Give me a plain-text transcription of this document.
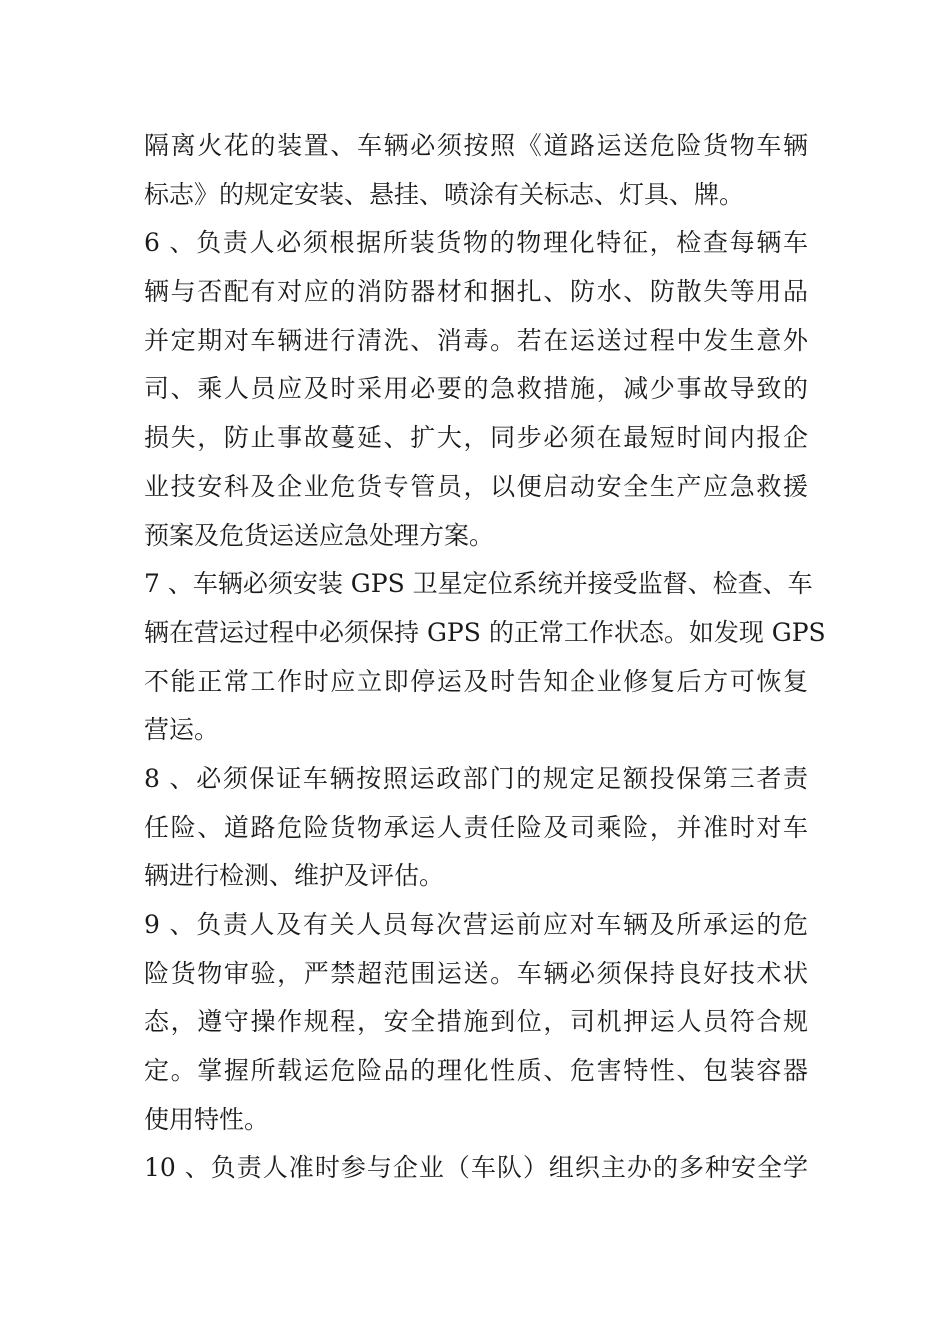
隔离火花的装置、车辆必须按照《道路运送危险货物车辆
标志》的规定安装、悬挂、喷涂有关标志、灯具、牌。
6 、负责人必须根据所装货物的物理化特征，检查每辆车
辆与否配有对应的消防器材和捆扎、防水、防散失等用品
并定期对车辆进行清洗、消毒。若在运送过程中发生意外
司、乘人员应及时采用必要的急救措施，减少事故导致的
损失，防止事故蔓延、扩大，同步必须在最短时间内报企
业技安科及企业危货专管员，以便启动安全生产应急救援
预案及危货运送应急处理方案。
7 、车辆必须安装 GPS 卫星定位系统并接受监督、检查、车
辆在营运过程中必须保持 GPS 的正常工作状态。如发现 GPS
不能正常工作时应立即停运及时告知企业修复后方可恢复
营运。
8 、必须保证车辆按照运政部门的规定足额投保第三者责
任险、道路危险货物承运人责任险及司乘险，并准时对车
辆进行检测、维护及评估。
9 、负责人及有关人员每次营运前应对车辆及所承运的危
险货物审验，严禁超范围运送。车辆必须保持良好技术状
态，遵守操作规程，安全措施到位，司机押运人员符合规
定。掌握所载运危险品的理化性质、危害特性、包装容器
使用特性。
10 、负责人准时参与企业（车队）组织主办的多种安全学
